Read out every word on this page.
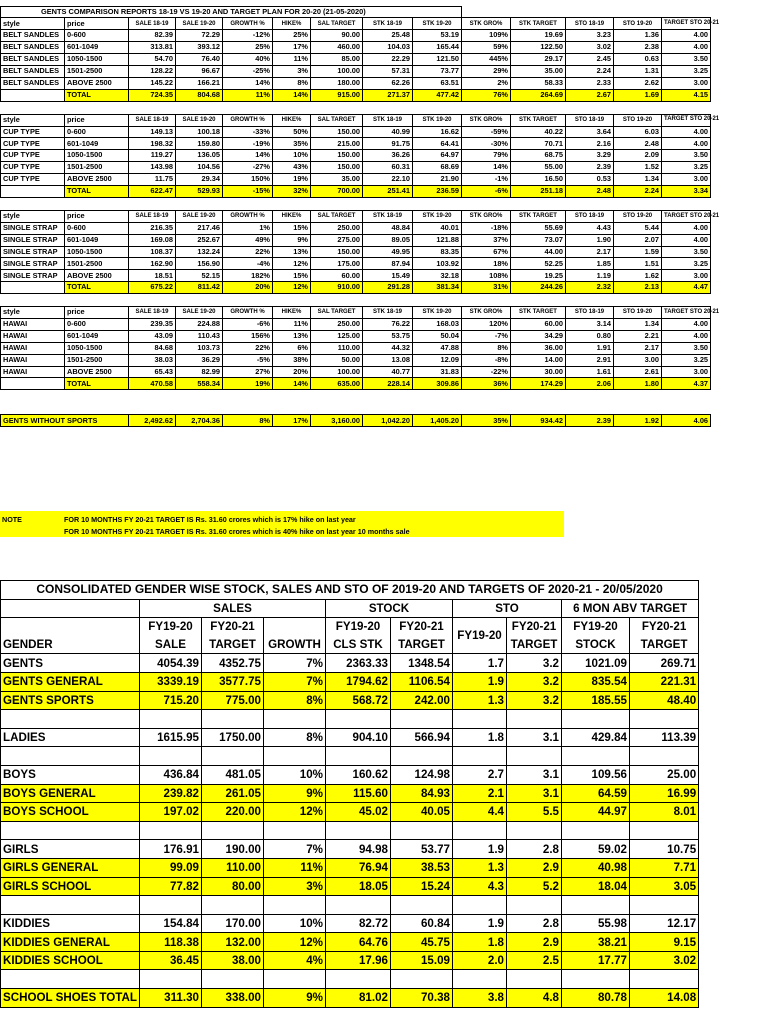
GENTS COMPARISON REPORTS 18-19 VS 19-20 AND TARGET PLAN FOR 20-20 (21-05-2020)													
style	price	SALE 18-19	SALE 19-20	GROWTH %	HIKE%	SAL TARGET	STK 18-19	STK 19-20	STK GRO%	STK TARGET	STO 18-19	STO 19-20	TARGET STO 20-21
BELT SANDLES	0-600	82.39	72.29	-12%	25%	90.00	25.48	53.19	109%	19.69	3.23	1.36	4.00
BELT SANDLES	601-1049	313.81	393.12	25%	17%	460.00	104.03	165.44	59%	122.50	3.02	2.38	4.00
BELT SANDLES	1050-1500	54.70	76.40	40%	11%	85.00	22.29	121.50	445%	29.17	2.45	0.63	3.50
BELT SANDLES	1501-2500	128.22	96.67	-25%	3%	100.00	57.31	73.77	29%	35.00	2.24	1.31	3.25
BELT SANDLES	ABOVE 2500	145.22	166.21	14%	8%	180.00	62.26	63.51	2%	58.33	2.33	2.62	3.00
	TOTAL	724.35	804.68	11%	14%	915.00	271.37	477.42	76%	264.69	2.67	1.69	4.15

style	price	SALE 18-19	SALE 19-20	GROWTH %	HIKE%	SAL TARGET	STK 18-19	STK 19-20	STK GRO%	STK TARGET	STO 18-19	STO 19-20	TARGET STO 20-21
CUP TYPE	0-600	149.13	100.18	-33%	50%	150.00	40.99	16.62	-59%	40.22	3.64	6.03	4.00
CUP TYPE	601-1049	198.32	159.80	-19%	35%	215.00	91.75	64.41	-30%	70.71	2.16	2.48	4.00
CUP TYPE	1050-1500	119.27	136.05	14%	10%	150.00	36.26	64.97	79%	68.75	3.29	2.09	3.50
CUP TYPE	1501-2500	143.98	104.56	-27%	43%	150.00	60.31	68.69	14%	55.00	2.39	1.52	3.25
CUP TYPE	ABOVE 2500	11.75	29.34	150%	19%	35.00	22.10	21.90	-1%	16.50	0.53	1.34	3.00
	TOTAL	622.47	529.93	-15%	32%	700.00	251.41	236.59	-6%	251.18	2.48	2.24	3.34

style	price	SALE 18-19	SALE 19-20	GROWTH %	HIKE%	SAL TARGET	STK 18-19	STK 19-20	STK GRO%	STK TARGET	STO 18-19	STO 19-20	TARGET STO 20-21
SINGLE STRAP	0-600	216.35	217.46	1%	15%	250.00	48.84	40.01	-18%	55.69	4.43	5.44	4.00
SINGLE STRAP	601-1049	169.08	252.67	49%	9%	275.00	89.05	121.88	37%	73.07	1.90	2.07	4.00
SINGLE STRAP	1050-1500	108.37	132.24	22%	13%	150.00	49.95	83.35	67%	44.00	2.17	1.59	3.50
SINGLE STRAP	1501-2500	162.90	156.90	-4%	12%	175.00	87.94	103.92	18%	52.25	1.85	1.51	3.25
SINGLE STRAP	ABOVE 2500	18.51	52.15	182%	15%	60.00	15.49	32.18	108%	19.25	1.19	1.62	3.00
	TOTAL	675.22	811.42	20%	12%	910.00	291.28	381.34	31%	244.26	2.32	2.13	4.47

style	price	SALE 18-19	SALE 19-20	GROWTH %	HIKE%	SAL TARGET	STK 18-19	STK 19-20	STK GRO%	STK TARGET	STO 18-19	STO 19-20	TARGET STO 20-21
HAWAI	0-600	239.35	224.88	-6%	11%	250.00	76.22	168.03	120%	60.00	3.14	1.34	4.00
HAWAI	601-1049	43.09	110.43	156%	13%	125.00	53.75	50.04	-7%	34.29	0.80	2.21	4.00
HAWAI	1050-1500	84.68	103.73	22%	6%	110.00	44.32	47.88	8%	36.00	1.91	2.17	3.50
HAWAI	1501-2500	38.03	36.29	-5%	38%	50.00	13.08	12.09	-8%	14.00	2.91	3.00	3.25
HAWAI	ABOVE 2500	65.43	82.99	27%	20%	100.00	40.77	31.83	-22%	30.00	1.61	2.61	3.00
	TOTAL	470.58	558.34	19%	14%	635.00	228.14	309.86	36%	174.29	2.06	1.80	4.37

GENTS WITHOUT SPORTS		2,492.62	2,704.36	8%	17%	3,160.00	1,042.20	1,405.20	35%	934.42	2.39	1.92	4.06
NOTE	FOR 10 MONTHS FY 20-21 TARGET IS Rs. 31.60 crores which is 17% hike on last year
FOR 10 MONTHS FY 20-21 TARGET IS Rs. 31.60 crores which is 40% hike on last year 10 months sale
CONSOLIDATED GENDER WISE STOCK, SALES AND STO OF 2019-20 AND TARGETS OF 2020-21 - 20/05/2020									
	SALES			STOCK		STO		6 MON ABV TARGET	
	FY19-20	FY20-21		FY19-20	FY20-21	FY19-20	FY20-21	FY19-20	FY20-21
GENDER	SALE	TARGET	GROWTH	CLS STK	TARGET		TARGET	STOCK	TARGET
GENTS	4054.39	4352.75	7%	2363.33	1348.54	1.7	3.2	1021.09	269.71
GENTS GENERAL	3339.19	3577.75	7%	1794.62	1106.54	1.9	3.2	835.54	221.31
GENTS SPORTS	715.20	775.00	8%	568.72	242.00	1.3	3.2	185.55	48.40

LADIES	1615.95	1750.00	8%	904.10	566.94	1.8	3.1	429.84	113.39

BOYS	436.84	481.05	10%	160.62	124.98	2.7	3.1	109.56	25.00
BOYS GENERAL	239.82	261.05	9%	115.60	84.93	2.1	3.1	64.59	16.99
BOYS SCHOOL	197.02	220.00	12%	45.02	40.05	4.4	5.5	44.97	8.01

GIRLS	176.91	190.00	7%	94.98	53.77	1.9	2.8	59.02	10.75
GIRLS GENERAL	99.09	110.00	11%	76.94	38.53	1.3	2.9	40.98	7.71
GIRLS SCHOOL	77.82	80.00	3%	18.05	15.24	4.3	5.2	18.04	3.05

KIDDIES	154.84	170.00	10%	82.72	60.84	1.9	2.8	55.98	12.17
KIDDIES GENERAL	118.38	132.00	12%	64.76	45.75	1.8	2.9	38.21	9.15
KIDDIES SCHOOL	36.45	38.00	4%	17.96	15.09	2.0	2.5	17.77	3.02

SCHOOL SHOES TOTAL	311.30	338.00	9%	81.02	70.38	3.8	4.8	80.78	14.08
